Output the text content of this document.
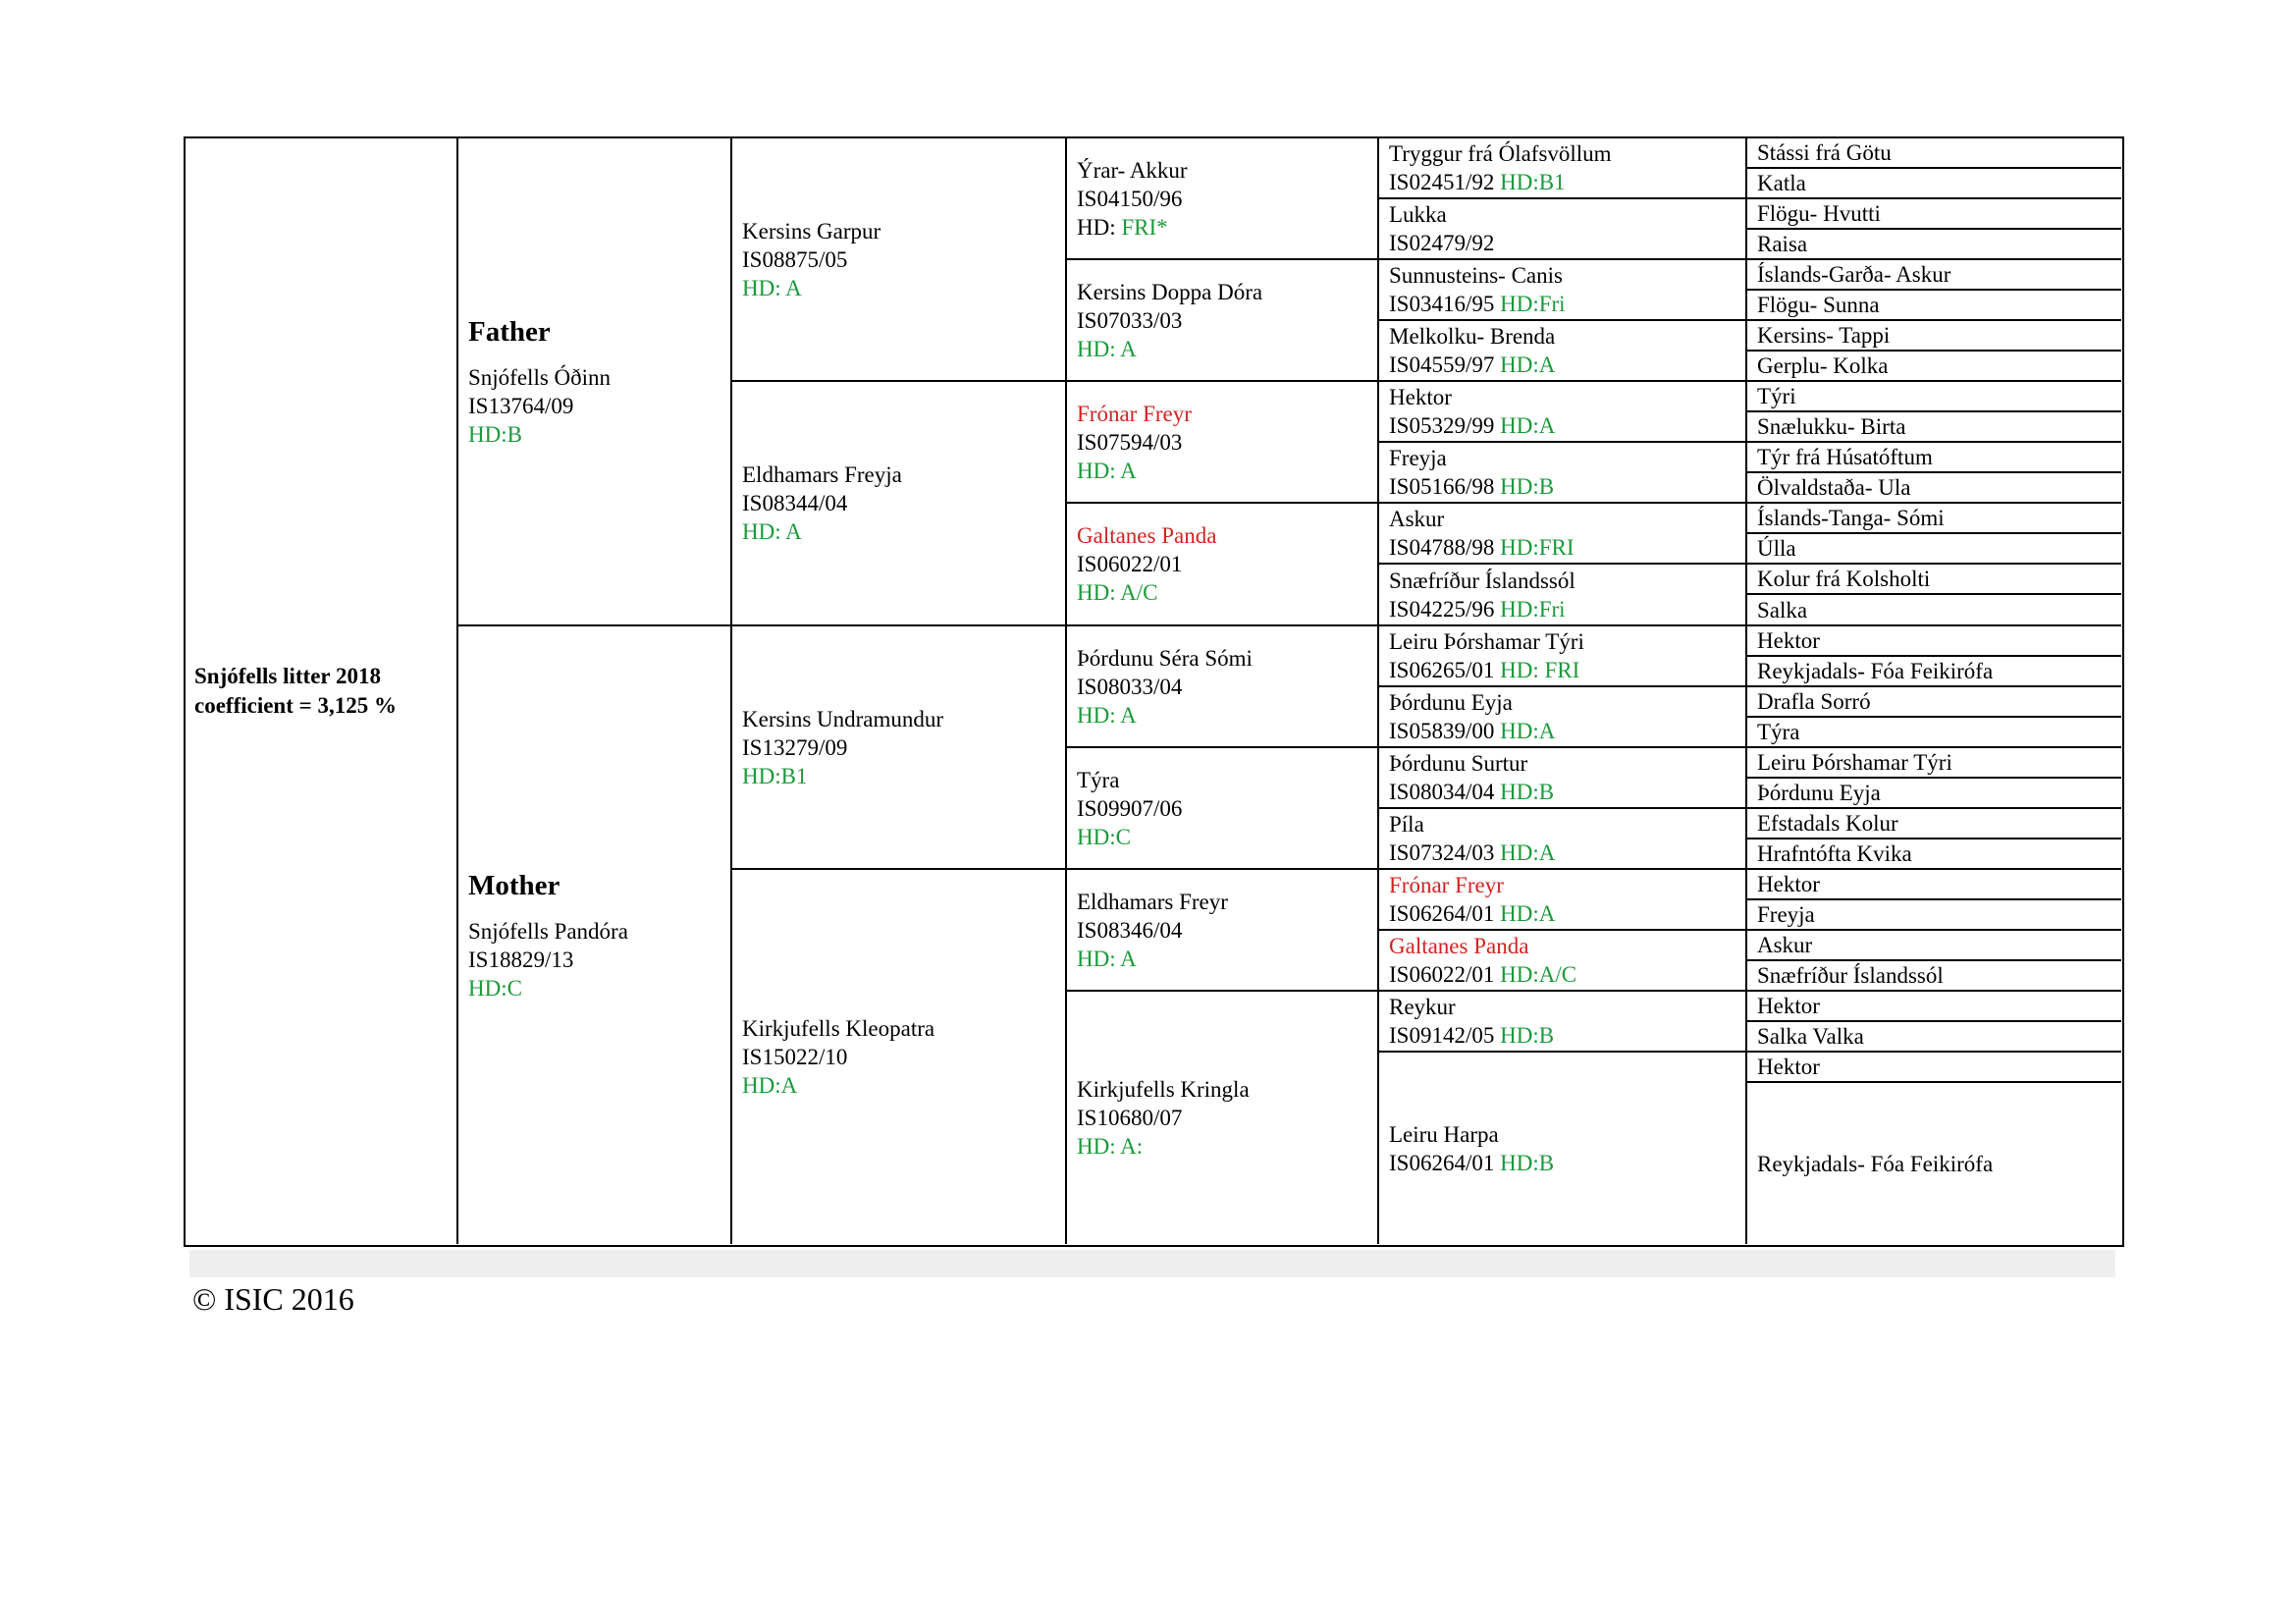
Snjófells litter 2018
coefficient = 3,125 %
Father
Snjófells Óðinn
IS13764/09
HD:B
Mother
Snjófells Pandóra
IS18829/13
HD:C
Kersins Garpur
IS08875/05
HD: A
Eldhamars Freyja
IS08344/04
HD: A
Kersins Undramundur
IS13279/09
HD:B1
Kirkjufells Kleopatra
IS15022/10
HD:A
Ýrar- Akkur
IS04150/96
HD: FRI*
Kersins Doppa Dóra
IS07033/03
HD: A
Frónar Freyr
IS07594/03
HD: A
Galtanes Panda
IS06022/01
HD: A/C
Þórdunu Séra Sómi
IS08033/04
HD: A
Týra
IS09907/06
HD:C
Eldhamars Freyr
IS08346/04
HD: A
Kirkjufells Kringla
IS10680/07
HD: A:
Tryggur frá Ólafsvöllum
IS02451/92 HD:B1
Lukka
IS02479/92
Sunnusteins- Canis
IS03416/95 HD:Fri
Melkolku- Brenda
IS04559/97 HD:A
Hektor
IS05329/99 HD:A
Freyja
IS05166/98 HD:B
Askur
IS04788/98 HD:FRI
Snæfríður Íslandssól
IS04225/96 HD:Fri
Leiru Þórshamar Týri
IS06265/01 HD: FRI
Þórdunu Eyja
IS05839/00 HD:A
Þórdunu Surtur
IS08034/04 HD:B
Píla
IS07324/03 HD:A
Frónar Freyr
IS06264/01 HD:A
Galtanes Panda
IS06022/01 HD:A/C
Reykur
IS09142/05 HD:B
Leiru Harpa
IS06264/01 HD:B
Stássi frá Götu
Katla
Flögu- Hvutti
Raisa
Íslands-Garða- Askur
Flögu- Sunna
Kersins- Tappi
Gerplu- Kolka
Týri
Snælukku- Birta
Týr frá Húsatóftum
Ölvaldstaða- Ula
Íslands-Tanga- Sómi
Úlla
Kolur frá Kolsholti
Salka
Hektor
Reykjadals- Fóa Feikirófa
Drafla Sorró
Týra
Leiru Þórshamar Týri
Þórdunu Eyja
Efstadals Kolur
Hrafntófta Kvika
Hektor
Freyja
Askur
Snæfríður Íslandssól
Hektor
Salka Valka
Hektor
Reykjadals- Fóa Feikirófa
© ISIC 2016
